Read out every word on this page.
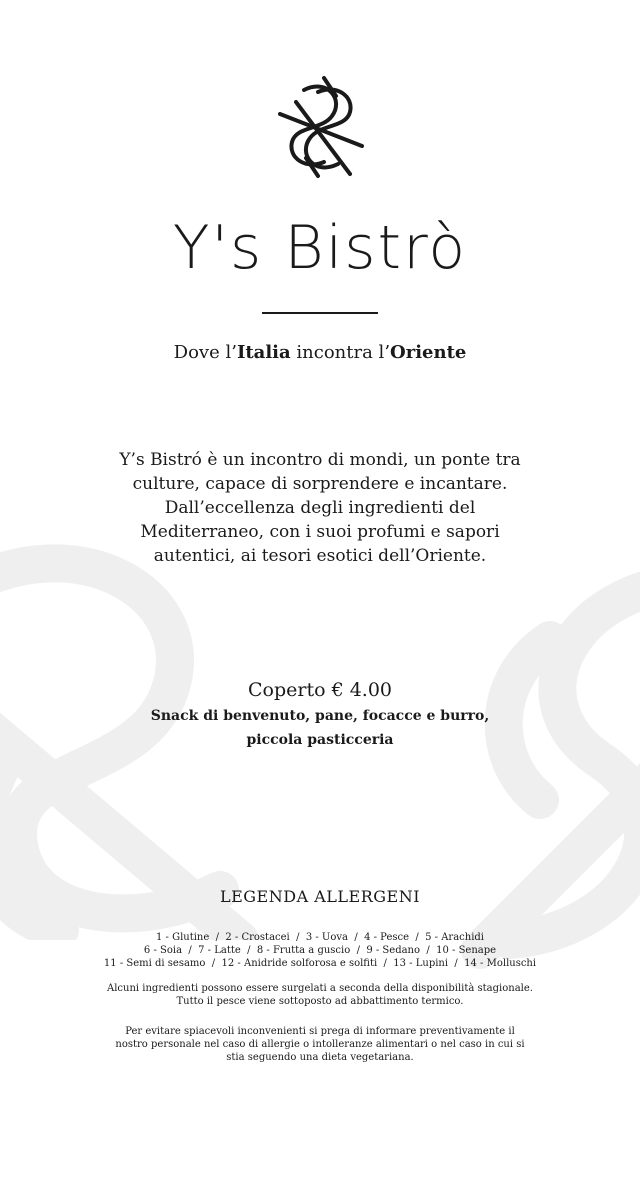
Y's Bistrò
Dove l’Italia incontra l’Oriente
Y’s Bistró è un incontro di mondi, un ponte tra
culture, capace di sorprendere e incantare.
Dall’eccellenza degli ingredienti del
Mediterraneo, con i suoi profumi e sapori
autentici, ai tesori esotici dell’Oriente.
Coperto € 4.00
Snack di benvenuto, pane, focacce e burro,
piccola pasticceria
LEGENDA ALLERGENI
1 - Glutine  /  2 - Crostacei  /  3 - Uova  /  4 - Pesce  /  5 - Arachidi
6 - Soia  /  7 - Latte  /  8 - Frutta a guscio  /  9 - Sedano  /  10 - Senape
11 - Semi di sesamo  /  12 - Anidride solforosa e solfiti  /  13 - Lupini  /  14 - Molluschi
Alcuni ingredienti possono essere surgelati a seconda della disponibilità stagionale.
Tutto il pesce viene sottoposto ad abbattimento termico.
Per evitare spiacevoli inconvenienti si prega di informare preventivamente il
nostro personale nel caso di allergie o intolleranze alimentari o nel caso in cui si
stia seguendo una dieta vegetariana.
